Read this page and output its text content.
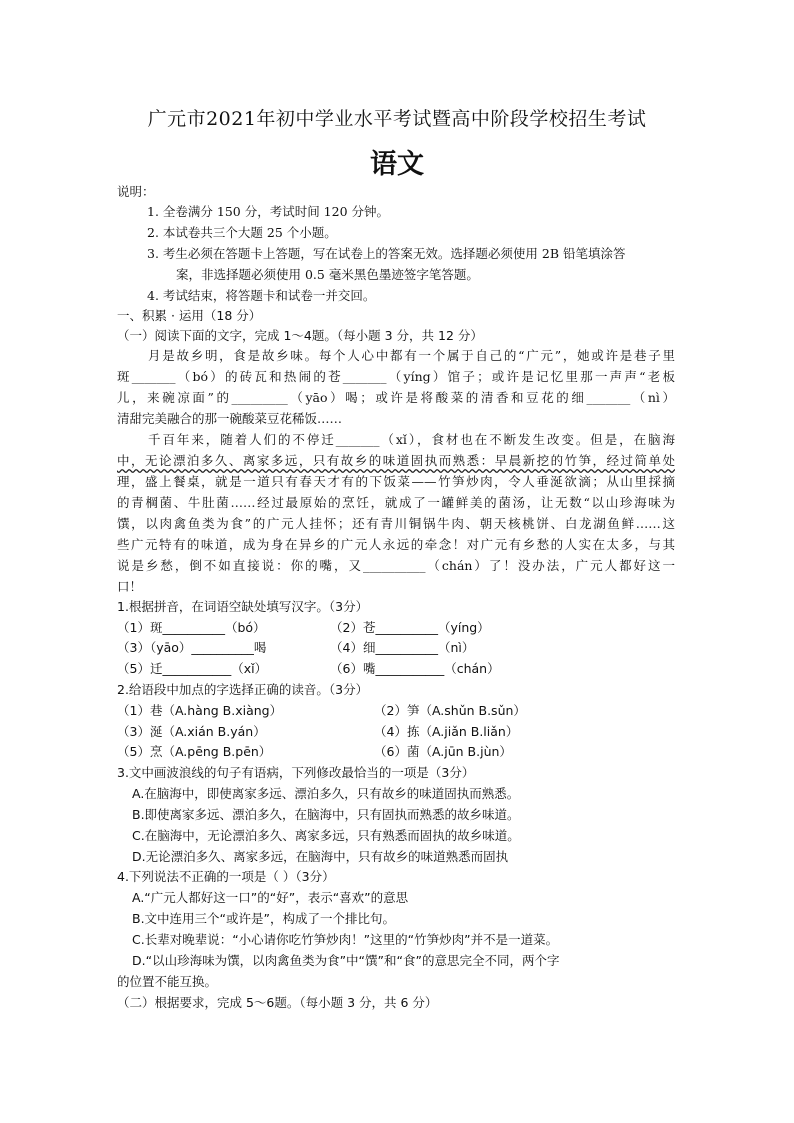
广元市2021年初中学业水平考试暨高中阶段学校招生考试
语文
说明：
1. 全卷满分 150 分，考试时间 120 分钟。
2. 本试卷共三个大题 25 个小题。
3. 考生必须在答题卡上答题，写在试卷上的答案无效。选择题必须使用 2B 铅笔填涂答
案，非选择题必须使用 0.5 毫米黑色墨迹签字笔答题。
4. 考试结束，将答题卡和试卷一并交回。
一、积累 · 运用（18 分）
（一）阅读下面的文字，完成 1～4题。（每小题 3 分，共 12 分）
月是故乡明，食是故乡味。每个人心中都有一个属于自己的“广元”，她或许是巷子里
斑_______（bó）的砖瓦和热闹的苍_______（yíng）馆子；或许是记忆里那一声声“老板
儿，来碗凉面”的_________（yāo）喝；或许是将酸菜的清香和豆花的细_______（nì）
清甜完美融合的那一碗酸菜豆花稀饭……
千百年来，随着人们的不停迁_______（xǐ），食材也在不断发生改变。但是，在脑海
中，无论漂泊多久、离家多远，只有故乡的味道固执而熟悉：早晨新挖的竹笋，经过简单处
理，盛上餐桌，就是一道只有春天才有的下饭菜——竹笋炒肉，令人垂涎欲滴；从山里採摘
的青棡菌、牛肚菌……经过最原始的烹饪，就成了一罐鲜美的菌汤，让无数“以山珍海味为
馔，以肉禽鱼类为食”的广元人挂怀；还有青川铜锅牛肉、朝天核桃饼、白龙湖鱼鲜……这
些广元特有的味道，成为身在异乡的广元人永远的牵念！对广元有乡愁的人实在太多，与其
说是乡愁，倒不如直接说：你的嘴，又__________（chán）了！没办法，广元人都好这一
口！
1.根据拼音，在词语空缺处填写汉字。（3分）
（1）斑__________（bó）	（2）苍__________（yíng）
（3）（yāo）__________喝	（4）细__________（nì）
（5）迁___________（xǐ）	（6）嘴___________（chán）
2.给语段中加点的字选择正确的读音。（3分）
（1）巷（A.hàng B.xiàng）	（2）笋（A.shǔn B.sǔn）
（3）涎（A.xián B.yán）	（4）拣（A.jiǎn B.liǎn）
（5）烹（A.pēng B.pēn）	（6）菌（A.jūn B.jùn）
3.文中画波浪线的句子有语病，下列修改最恰当的一项是（3分）
A.在脑海中，即使离家多远、漂泊多久，只有故乡的味道固执而熟悉。
B.即使离家多远、漂泊多久，在脑海中，只有固执而熟悉的故乡味道。
C.在脑海中，无论漂泊多久、离家多远，只有熟悉而固执的故乡味道。
D.无论漂泊多久、离家多远，在脑海中，只有故乡的味道熟悉而固执
4.下列说法不正确的一项是（ ）（3分）
A.“广元人都好这一口”的“好”，表示“喜欢”的意思
B.文中连用三个“或许是”，构成了一个排比句。
C.长辈对晚辈说：“小心请你吃竹笋炒肉！”这里的“竹笋炒肉”并不是一道菜。
D.“以山珍海味为馔，以肉禽鱼类为食”中“馔”和“食”的意思完全不同，两个字
的位置不能互换。
（二）根据要求，完成 5～6题。（每小题 3 分，共 6 分）
